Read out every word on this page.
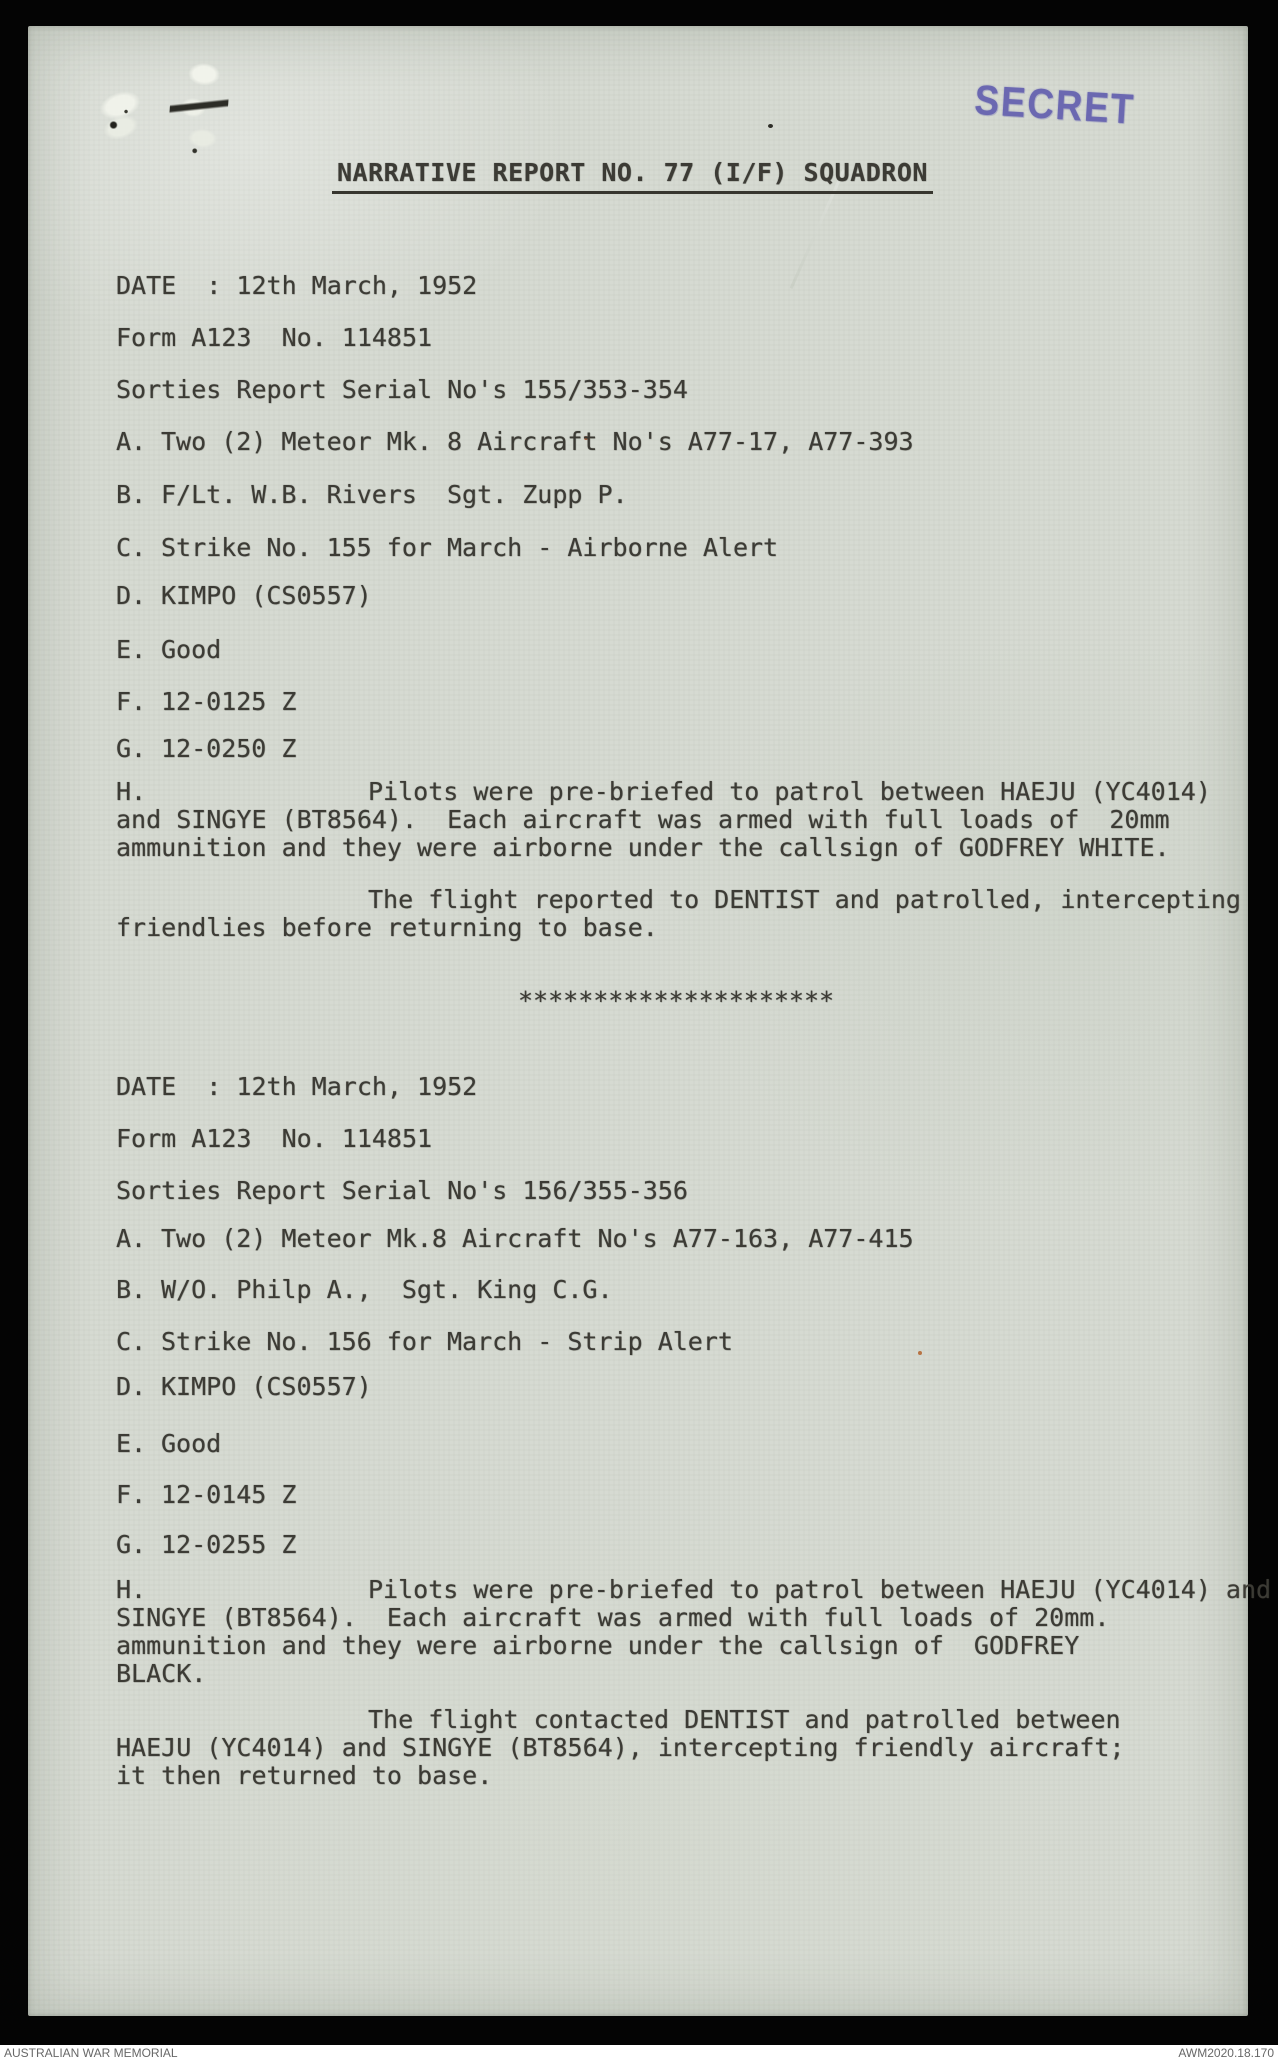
SECRET
NARRATIVE REPORT NO. 77 (I/F) SQUADRON
DATE  : 12th March, 1952
Form A123  No. 114851
Sorties Report Serial No's 155/353-354
A. Two (2) Meteor Mk. 8 Aircraft No's A77-17, A77-393
B. F/Lt. W.B. Rivers  Sgt. Zupp P.
C. Strike No. 155 for March - Airborne Alert
D. KIMPO (CS0557)
E. Good
F. 12-0125 Z
G. 12-0250 Z
H.	Pilots were pre-briefed to patrol between HAEJU (YC4014)
and SINGYE (BT8564).  Each aircraft was armed with full loads of  20mm
ammunition and they were airborne under the callsign of GODFREY WHITE.
The flight reported to DENTIST and patrolled, intercepting
friendlies before returning to base.
*********************
DATE  : 12th March, 1952
Form A123  No. 114851
Sorties Report Serial No's 156/355-356
A. Two (2) Meteor Mk.8 Aircraft No's A77-163, A77-415
B. W/O. Philp A.,  Sgt. King C.G.
C. Strike No. 156 for March - Strip Alert
D. KIMPO (CS0557)
E. Good
F. 12-0145 Z
G. 12-0255 Z
H.	Pilots were pre-briefed to patrol between HAEJU (YC4014) and
SINGYE (BT8564).  Each aircraft was armed with full loads of 20mm.
ammunition and they were airborne under the callsign of  GODFREY
BLACK.
The flight contacted DENTIST and patrolled between
HAEJU (YC4014) and SINGYE (BT8564), intercepting friendly aircraft;
it then returned to base.
AUSTRALIAN WAR MEMORIAL	AWM2020.18.170
